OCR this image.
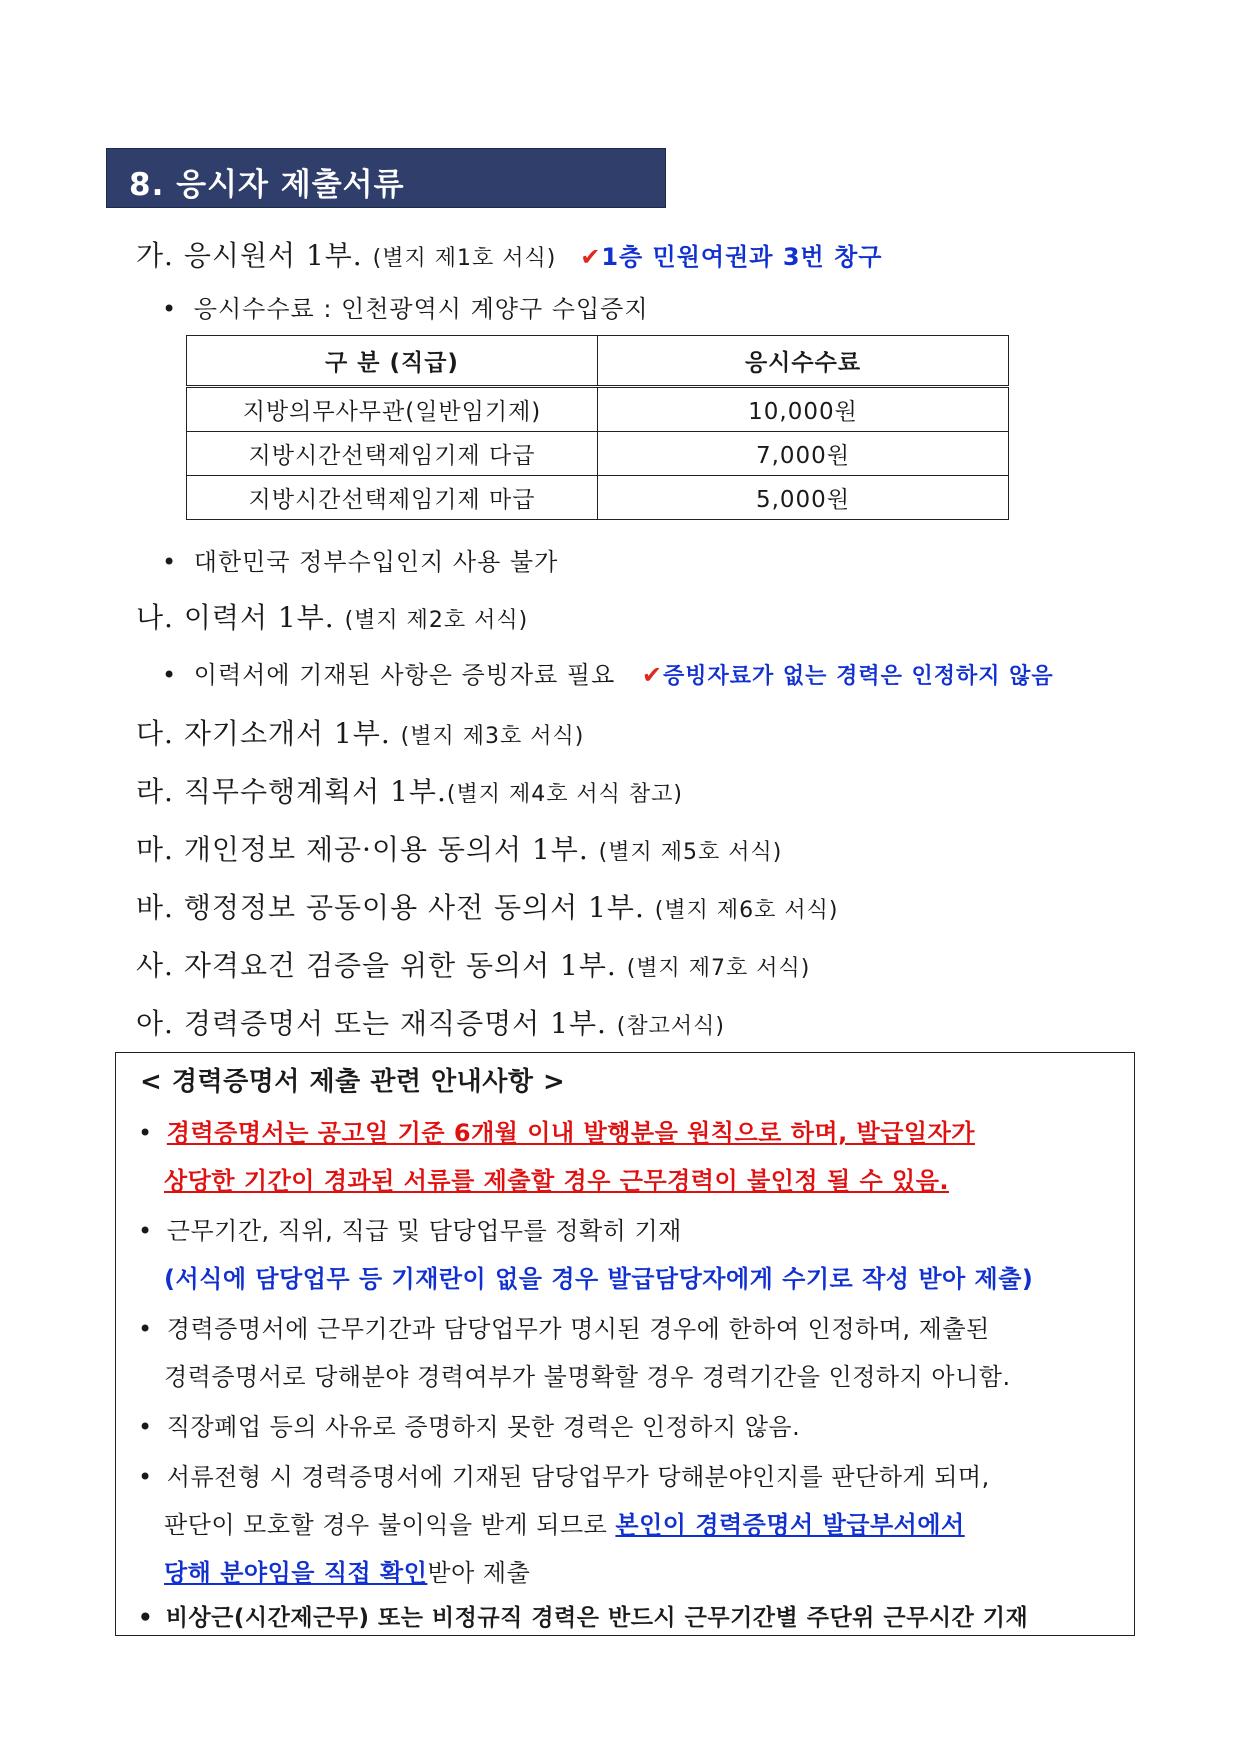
8. 응시자 제출서류
가. 응시원서 1부. (별지 제1호 서식) ✔1층 민원여권과 3번 창구
• 응시수수료 : 인천광역시 계양구 수입증지
구 분 (직급)	응시수수료
지방의무사무관(일반임기제)	10,000원
지방시간선택제임기제 다급	7,000원
지방시간선택제임기제 마급	5,000원
• 대한민국 정부수입인지 사용 불가
나. 이력서 1부. (별지 제2호 서식)
• 이력서에 기재된 사항은 증빙자료 필요 ✔증빙자료가 없는 경력은 인정하지 않음
다. 자기소개서 1부. (별지 제3호 서식)
라. 직무수행계획서 1부.(별지 제4호 서식 참고)
마. 개인정보 제공·이용 동의서 1부. (별지 제5호 서식)
바. 행정정보 공동이용 사전 동의서 1부. (별지 제6호 서식)
사. 자격요건 검증을 위한 동의서 1부. (별지 제7호 서식)
아. 경력증명서 또는 재직증명서 1부. (참고서식)
< 경력증명서 제출 관련 안내사항 >
• 경력증명서는 공고일 기준 6개월 이내 발행분을 원칙으로 하며, 발급일자가
상당한 기간이 경과된 서류를 제출할 경우 근무경력이 불인정 될 수 있음.
• 근무기간, 직위, 직급 및 담당업무를 정확히 기재
(서식에 담당업무 등 기재란이 없을 경우 발급담당자에게 수기로 작성 받아 제출)
• 경력증명서에 근무기간과 담당업무가 명시된 경우에 한하여 인정하며, 제출된
경력증명서로 당해분야 경력여부가 불명확할 경우 경력기간을 인정하지 아니함.
• 직장폐업 등의 사유로 증명하지 못한 경력은 인정하지 않음.
• 서류전형 시 경력증명서에 기재된 담당업무가 당해분야인지를 판단하게 되며,
판단이 모호할 경우 불이익을 받게 되므로 본인이 경력증명서 발급부서에서
당해 분야임을 직접 확인받아 제출
• 비상근(시간제근무) 또는 비정규직 경력은 반드시 근무기간별 주단위 근무시간 기재
